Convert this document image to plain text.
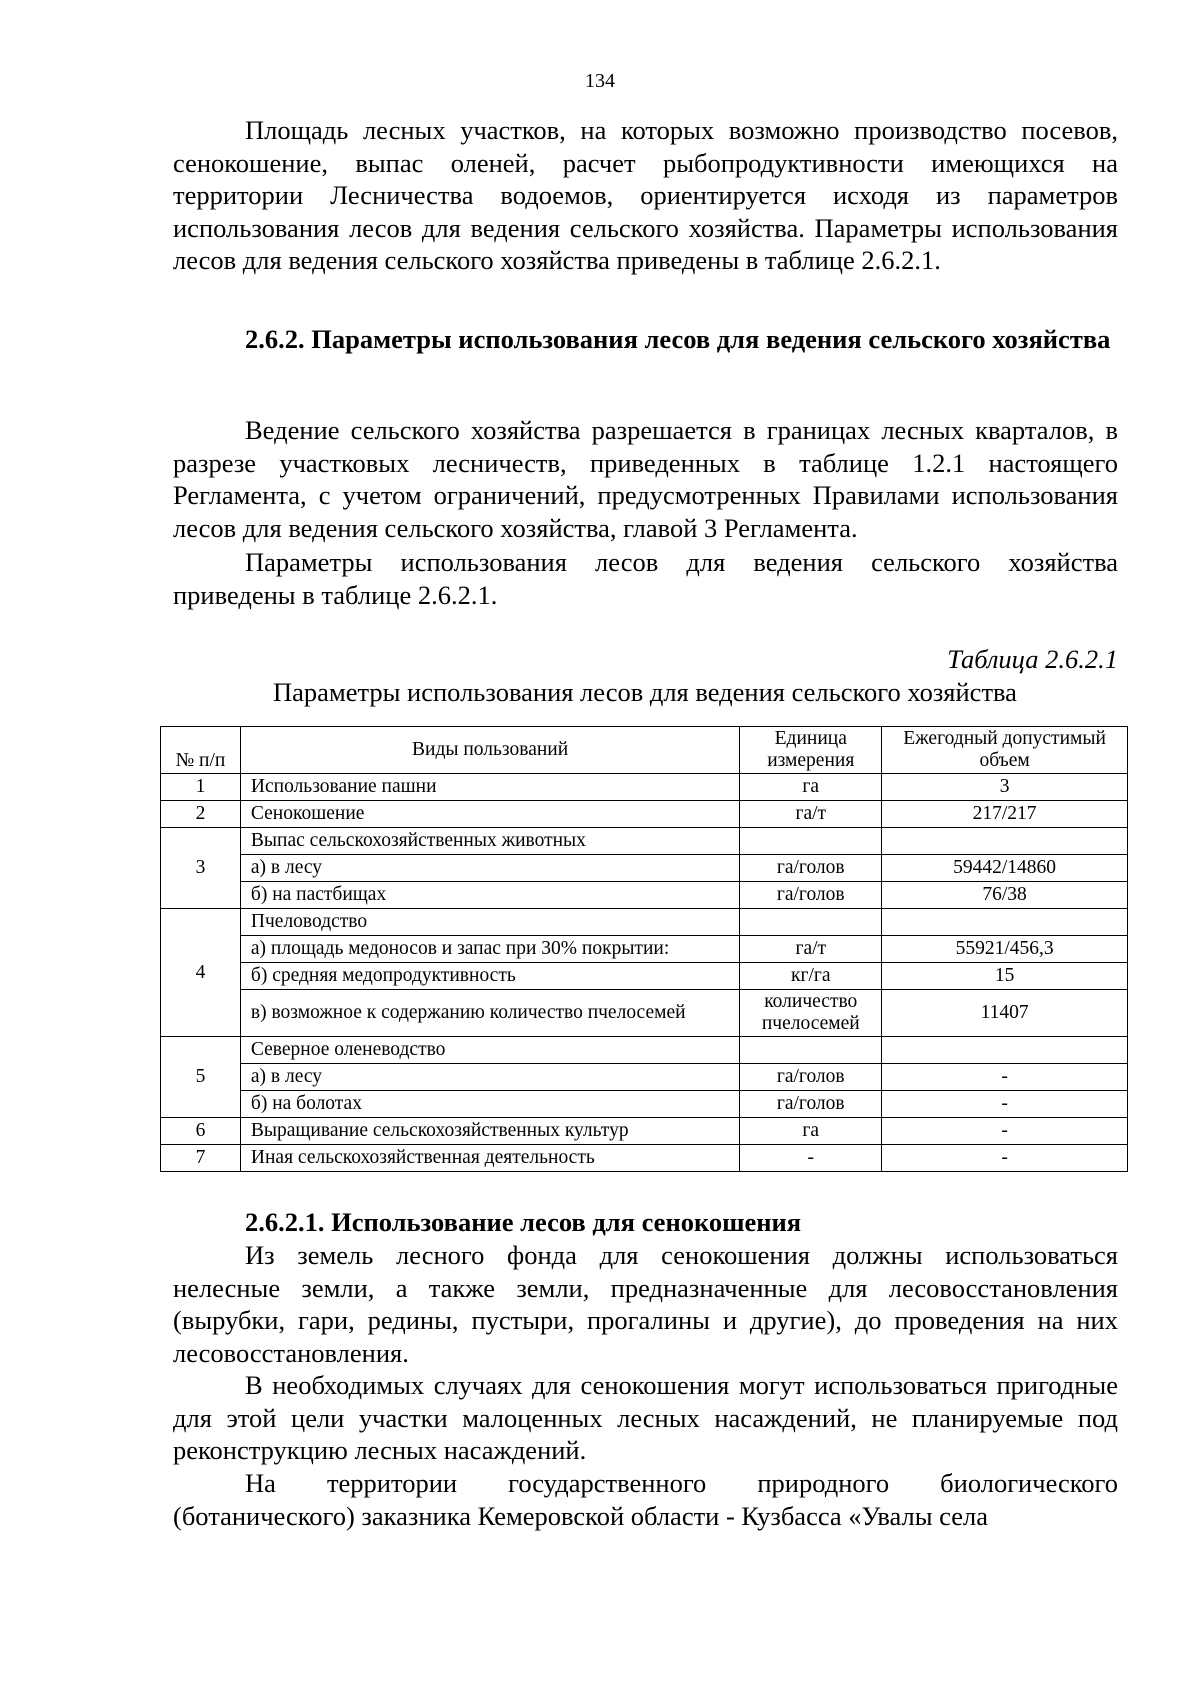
134

Площадь лесных участков, на которых возможно производство посевов, сенокошение, выпас оленей, расчет рыбопродуктивности имеющихся на территории Лесничества водоемов, ориентируется исходя из параметров использования лесов для ведения сельского хозяйства. Параметры использования лесов для ведения сельского хозяйства приведены в таблице 2.6.2.1.

2.6.2. Параметры использования лесов для ведения сельского хозяйства

Ведение сельского хозяйства разрешается в границах лесных кварталов, в разрезе участковых лесничеств, приведенных в таблице 1.2.1 настоящего Регламента, с учетом ограничений, предусмотренных Правилами использования лесов для ведения сельского хозяйства, главой 3 Регламента.

Параметры использования лесов для ведения сельского хозяйства приведены в таблице 2.6.2.1.

Таблица 2.6.2.1
Параметры использования лесов для ведения сельского хозяйства
№ п/п	Виды пользований	Единица измерения	Ежегодный допустимый объем
1	Использование пашни	га	3
2	Сенокошение	га/т	217/217
3	Выпас сельскохозяйственных животных		
	а) в лесу	га/голов	59442/14860
	б) на пастбищах	га/голов	76/38
4	Пчеловодство		
	а) площадь медоносов и запас при 30% покрытии:	га/т	55921/456,3
	б) средняя медопродуктивность	кг/га	15
	в) возможное к содержанию количество пчелосемей	количество пчелосемей	11407
5	Северное оленеводство		
	а) в лесу	га/голов	-
	б) на болотах	га/голов	-
6	Выращивание сельскохозяйственных культур	га	-
7	Иная сельскохозяйственная деятельность	-	-

2.6.2.1. Использование лесов для сенокошения

Из земель лесного фонда для сенокошения должны использоваться нелесные земли, а также земли, предназначенные для лесовосстановления (вырубки, гари, редины, пустыри, прогалины и другие), до проведения на них лесовосстановления.

В необходимых случаях для сенокошения могут использоваться пригодные для этой цели участки малоценных лесных насаждений, не планируемые под реконструкцию лесных насаждений.

На территории государственного природного биологического (ботанического) заказника Кемеровской области - Кузбасса «Увалы села
